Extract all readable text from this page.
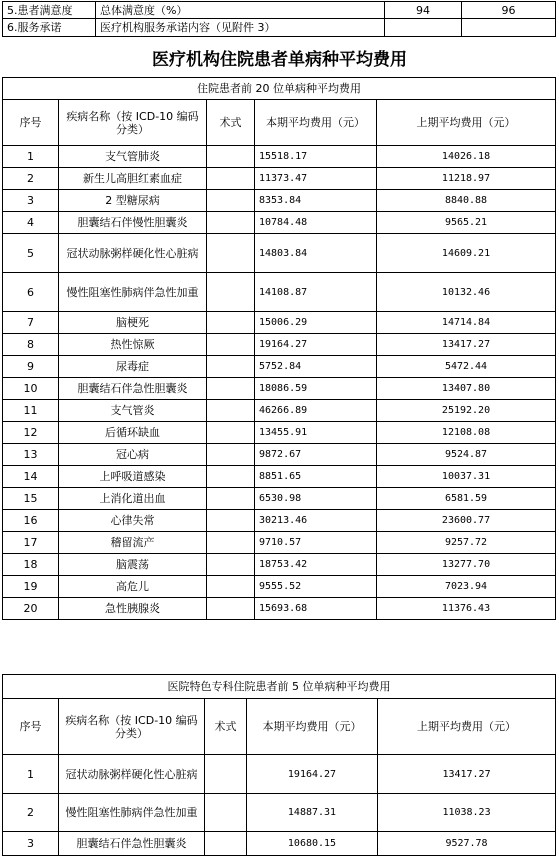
5.患者满意度	总体满意度（%）	94	96
6.服务承诺	医疗机构服务承诺内容（见附件 3）		
医疗机构住院患者单病种平均费用
住院患者前 20 位单病种平均费用				
序号	疾病名称（按 ICD-10 编码分类）	术式	本期平均费用（元）	上期平均费用（元）
1	支气管肺炎		15518.17	14026.18
2	新生儿高胆红素血症		11373.47	11218.97
3	2 型糖尿病		8353.84	8840.88
4	胆囊结石伴慢性胆囊炎		10784.48	9565.21
5	冠状动脉粥样硬化性心脏病		14803.84	14609.21
6	慢性阻塞性肺病伴急性加重		14108.87	10132.46
7	脑梗死		15006.29	14714.84
8	热性惊厥		19164.27	13417.27
9	尿毒症		5752.84	5472.44
10	胆囊结石伴急性胆囊炎		18086.59	13407.80
11	支气管炎		46266.89	25192.20
12	后循环缺血		13455.91	12108.08
13	冠心病		9872.67	9524.87
14	上呼吸道感染		8851.65	10037.31
15	上消化道出血		6530.98	6581.59
16	心律失常		30213.46	23600.77
17	稽留流产		9710.57	9257.72
18	脑震荡		18753.42	13277.70
19	高危儿		9555.52	7023.94
20	急性胰腺炎		15693.68	11376.43
医院特色专科住院患者前 5 位单病种平均费用				
序号	疾病名称（按 ICD-10 编码分类）	术式	本期平均费用（元）	上期平均费用（元）
1	冠状动脉粥样硬化性心脏病		19164.27	13417.27
2	慢性阻塞性肺病伴急性加重		14887.31	11038.23
3	胆囊结石伴急性胆囊炎		10680.15	9527.78
